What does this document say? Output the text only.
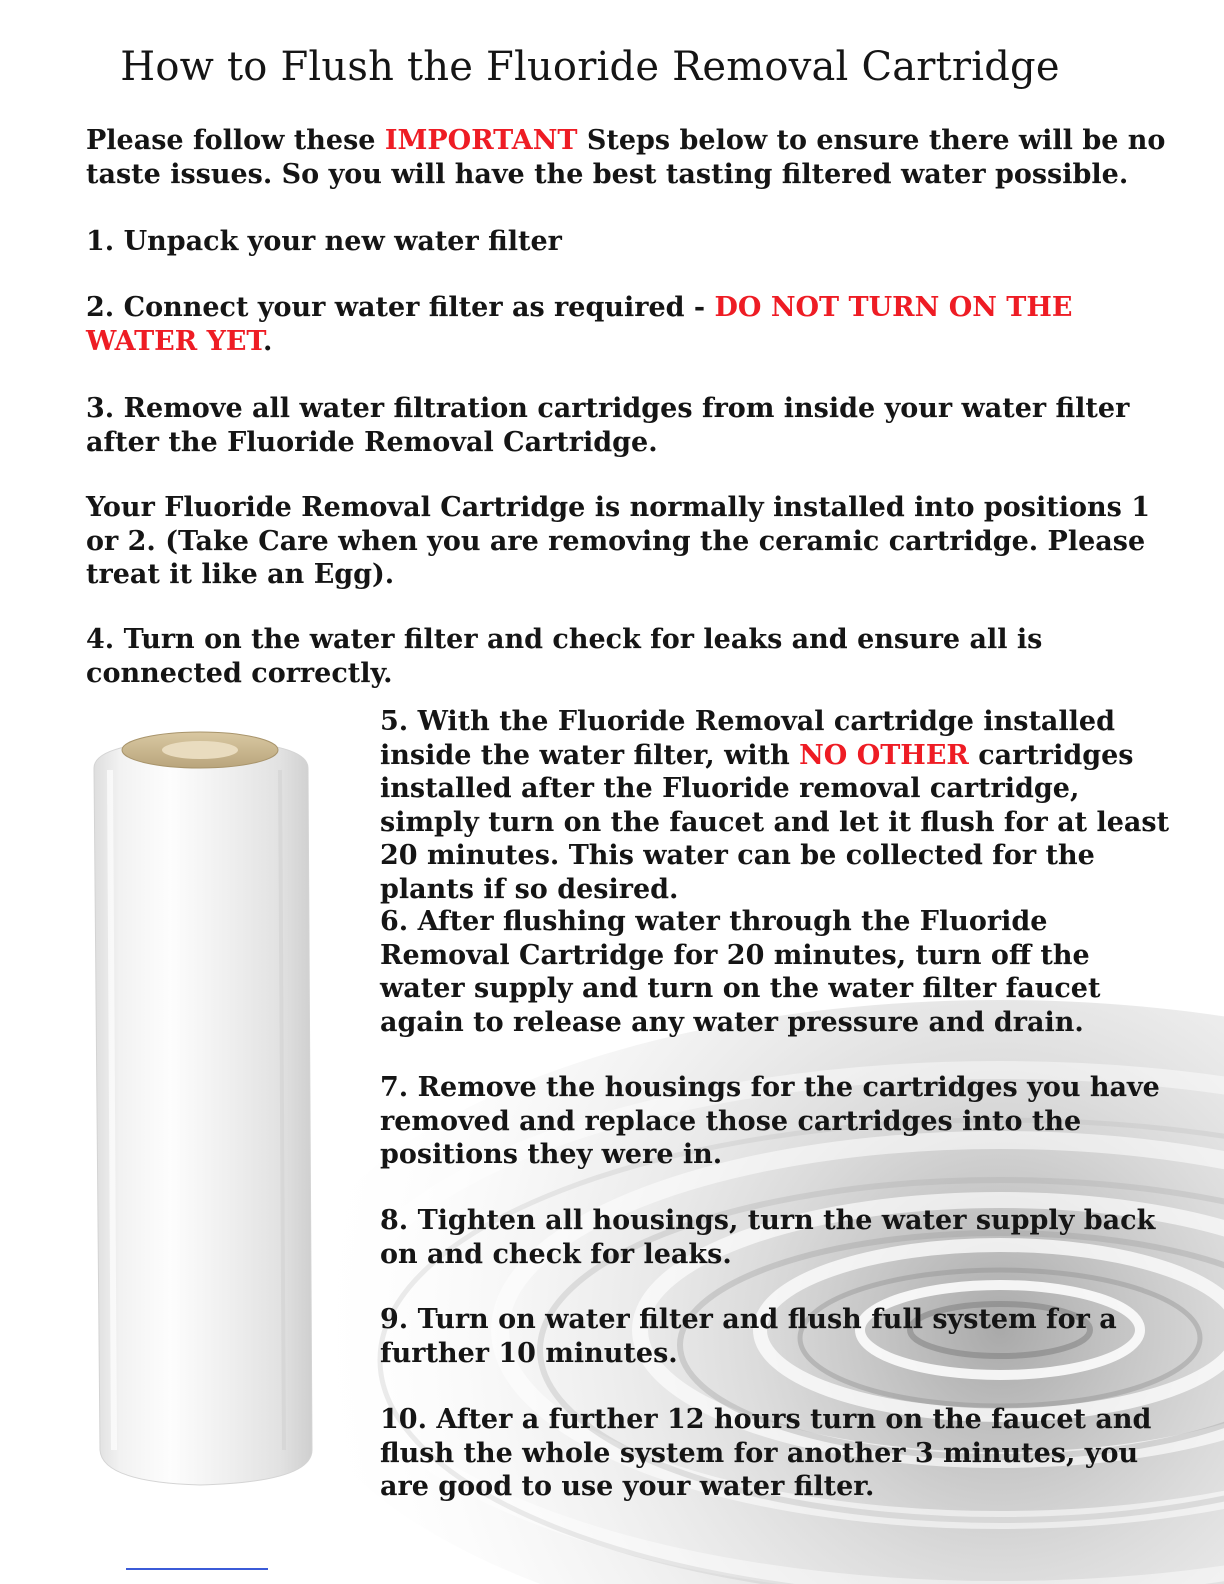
How to Flush the Fluoride Removal Cartridge

Please follow these IMPORTANT Steps below to ensure there will be no taste issues. So you will have the best tasting filtered water possible.

1. Unpack your new water filter

2. Connect your water filter as required - DO NOT TURN ON THE WATER YET.

3. Remove all water filtration cartridges from inside your water filter after the Fluoride Removal Cartridge.

Your Fluoride Removal Cartridge is normally installed into positions 1 or 2. (Take Care when you are removing the ceramic cartridge. Please treat it like an Egg).

4. Turn on the water filter and check for leaks and ensure all is connected correctly.

5. With the Fluoride Removal cartridge installed inside the water filter, with NO OTHER cartridges installed after the Fluoride removal cartridge, simply turn on the faucet and let it flush for at least 20 minutes. This water can be collected for the plants if so desired.

6. After flushing water through the Fluoride Removal Cartridge for 20 minutes, turn off the water supply and turn on the water filter faucet again to release any water pressure and drain.

7. Remove the housings for the cartridges you have removed and replace those cartridges into the positions they were in.

8. Tighten all housings, turn the water supply back on and check for leaks.

9. Turn on water filter and flush full system for a further 10 minutes.

10. After a further 12 hours turn on the faucet and flush the whole system for another 3 minutes, you are good to use your water filter.
